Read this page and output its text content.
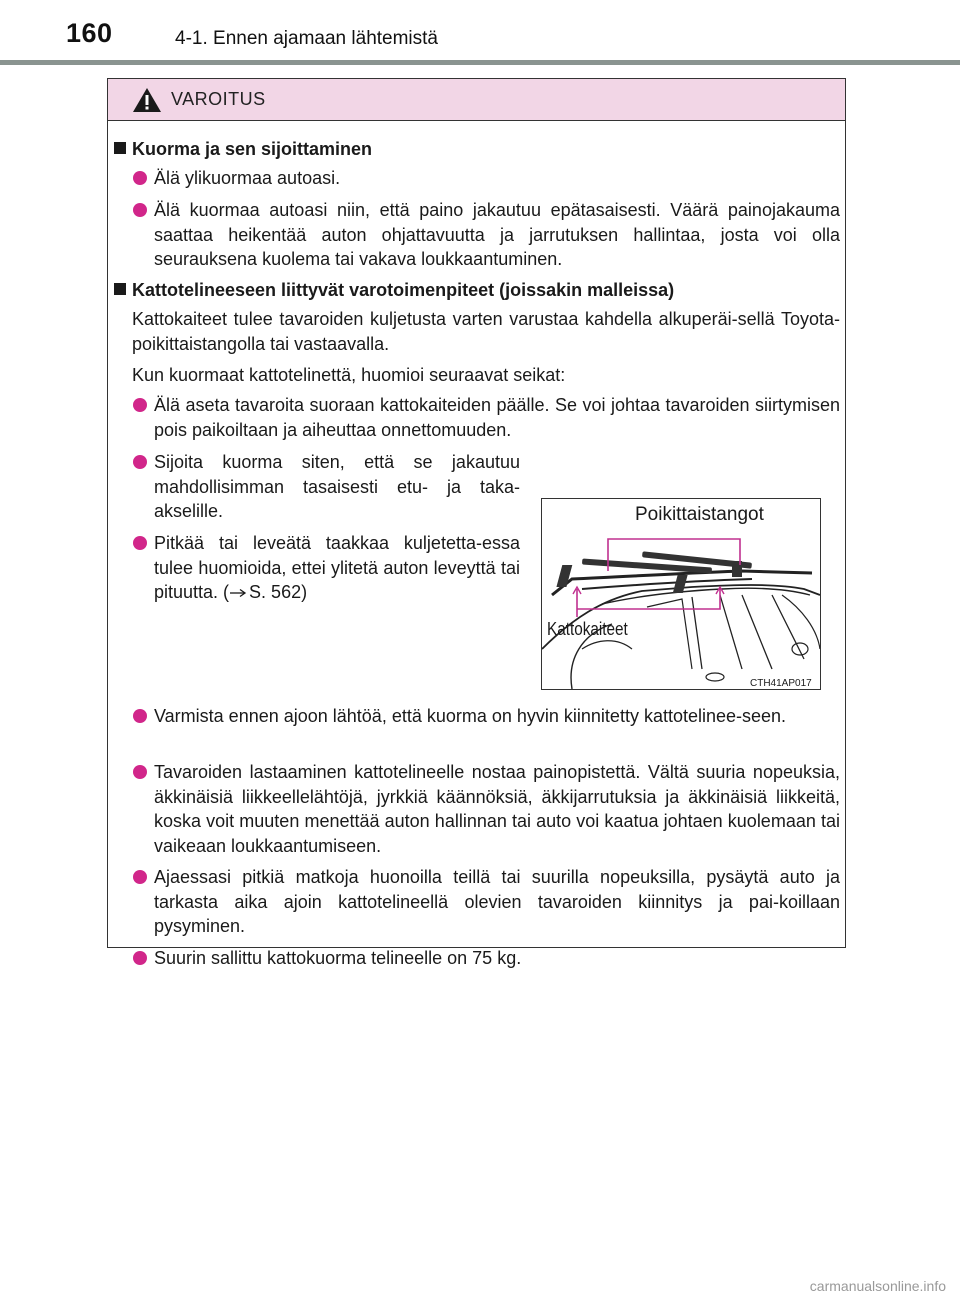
160	4-1. Ennen ajamaan lähtemistä
VAROITUS
Kuorma ja sen sijoittaminen
Älä ylikuormaa autoasi.
Älä kuormaa autoasi niin, että paino jakautuu epätasaisesti. Väärä painojakauma saattaa heikentää auton ohjattavuutta ja jarrutuksen hallintaa, josta voi olla seurauksena kuolema tai vakava loukkaantuminen.
Kattotelineeseen liittyvät varotoimenpiteet (joissakin malleissa)
Kattokaiteet tulee tavaroiden kuljetusta varten varustaa kahdella alkuperäi-sellä Toyota-poikittaistangolla tai vastaavalla.
Kun kuormaat kattotelinettä, huomioi seuraavat seikat:
Älä aseta tavaroita suoraan kattokaiteiden päälle. Se voi johtaa tavaroiden siirtymisen pois paikoiltaan ja aiheuttaa onnettomuuden.
Sijoita kuorma siten, että se jakautuu mahdollisimman tasaisesti etu- ja taka-akselille.
Pitkää tai leveätä taakkaa kuljetetta-essa tulee huomioida, ettei ylitetä auton leveyttä tai pituutta. ( S. 562)
Poikittaistangot
Kattokaiteet
CTH41AP017
Varmista ennen ajoon lähtöä, että kuorma on hyvin kiinnitetty kattotelinee-seen.
Tavaroiden lastaaminen kattotelineelle nostaa painopistettä. Vältä suuria nopeuksia, äkkinäisiä liikkeellelähtöjä, jyrkkiä käännöksiä, äkkijarrutuksia ja äkkinäisiä liikkeitä, koska voit muuten menettää auton hallinnan tai auto voi kaatua johtaen kuolemaan tai vaikeaan loukkaantumiseen.
Ajaessasi pitkiä matkoja huonoilla teillä tai suurilla nopeuksilla, pysäytä auto ja tarkasta aika ajoin kattotelineellä olevien tavaroiden kiinnitys ja pai-koillaan pysyminen.
Suurin sallittu kattokuorma telineelle on 75 kg.
carmanualsonline.info
